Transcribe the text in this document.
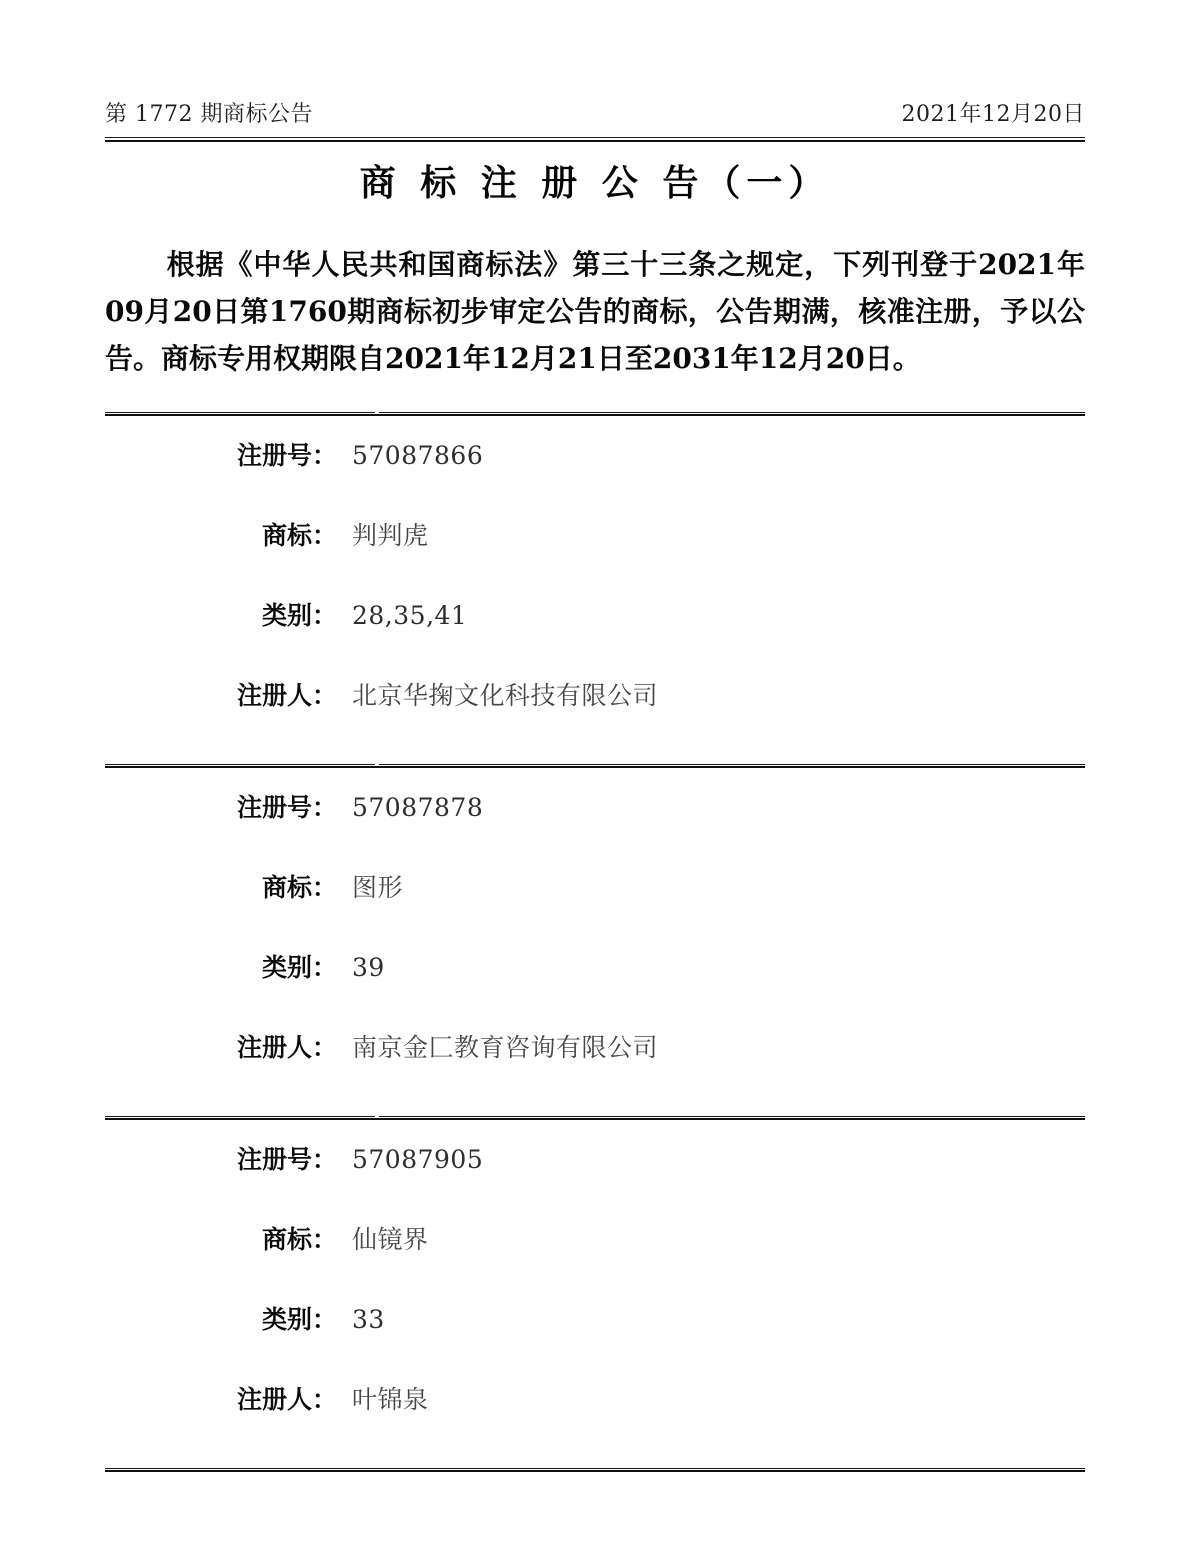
第 1772 期商标公告	2021年12月20日
商 标 注 册 公 告（一）

根据《中华人民共和国商标法》第三十三条之规定，下列刊登于2021年09月20日第1760期商标初步审定公告的商标，公告期满，核准注册，予以公告。商标专用权期限自2021年12月21日至2031年12月20日。

注册号： 57087866
商标： 判判虎
类别： 28,35,41
注册人： 北京华掬文化科技有限公司
注册号： 57087878
商标： 图形
类别： 39
注册人： 南京金匚教育咨询有限公司
注册号： 57087905
商标： 仙镜界
类别： 33
注册人： 叶锦泉
